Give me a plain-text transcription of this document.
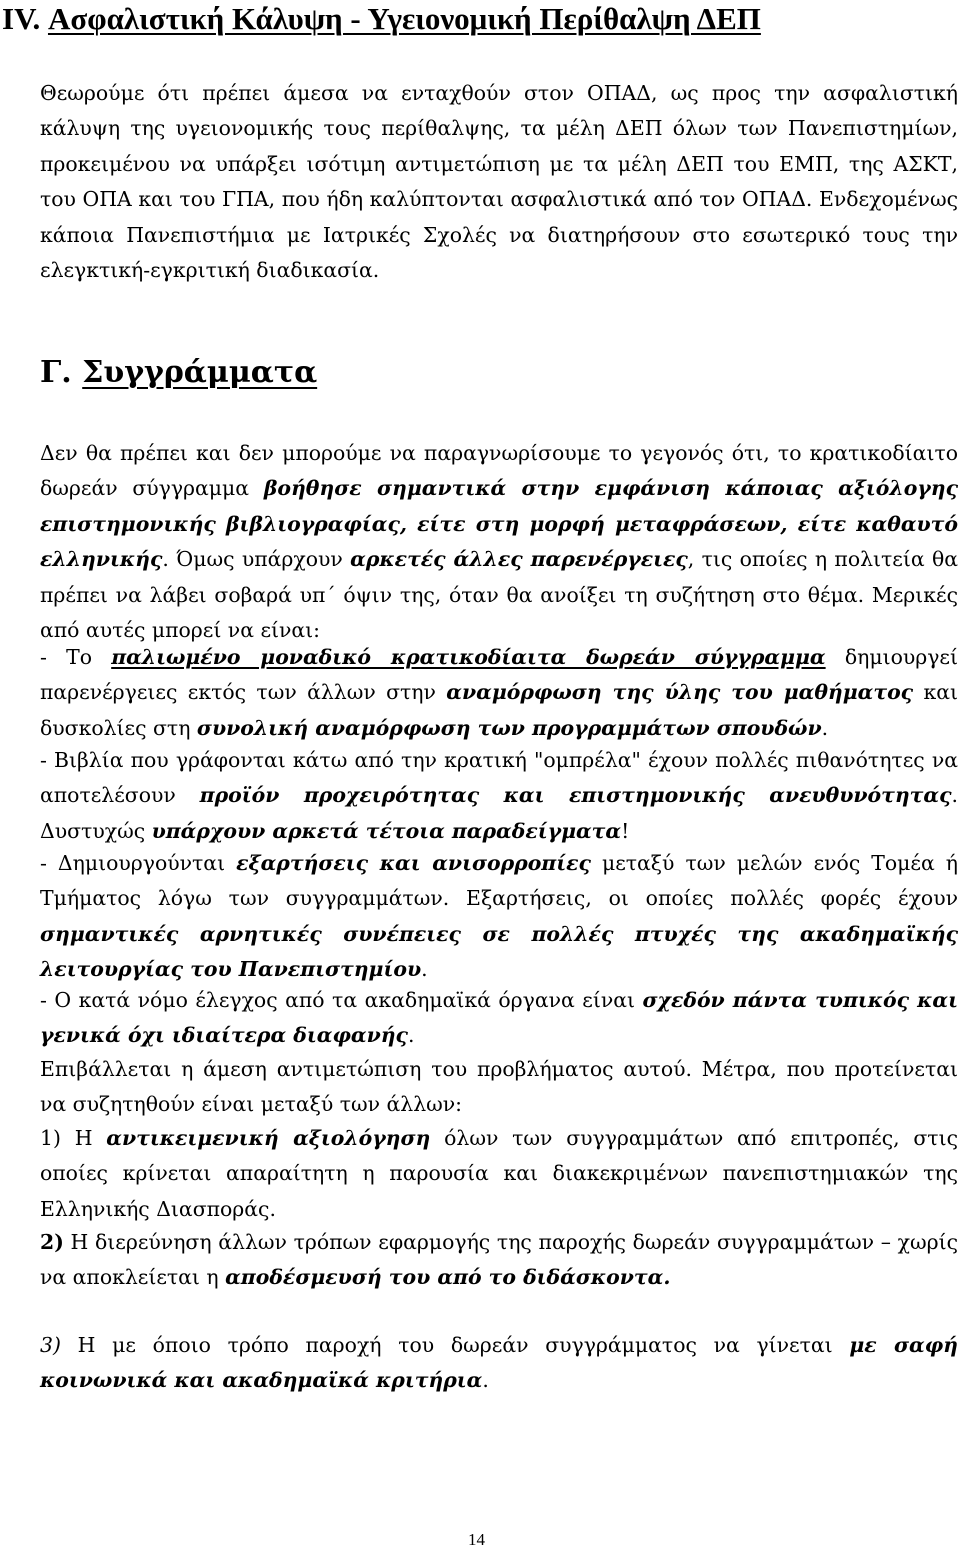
IV. Ασφαλιστική Κάλυψη - Υγειονομική Περίθαλψη ΔΕΠ

Θεωρούμε ότι πρέπει άμεσα να ενταχθούν στον ΟΠΑΔ, ως προς την ασφαλιστική κάλυψη της υγειονομικής τους περίθαλψης, τα μέλη ΔΕΠ όλων των Πανεπιστημίων, προκειμένου να υπάρξει ισότιμη αντιμετώπιση με τα μέλη ΔΕΠ του ΕΜΠ, της ΑΣΚΤ, του ΟΠΑ και του ΓΠΑ, που ήδη καλύπτονται ασφαλιστικά από τον ΟΠΑΔ. Ενδεχομένως κάποια Πανεπιστήμια με Ιατρικές Σχολές να διατηρήσουν στο εσωτερικό τους την ελεγκτική-εγκριτική διαδικασία.

Γ. Συγγράμματα

Δεν θα πρέπει και δεν μπορούμε να παραγνωρίσουμε το γεγονός ότι, το κρατικοδίαιτο δωρεάν σύγγραμμα βοήθησε σημαντικά στην εμφάνιση κάποιας αξιόλογης επιστημονικής βιβλιογραφίας, είτε στη μορφή μεταφράσεων, είτε καθαυτό ελληνικής. Όμως υπάρχουν αρκετές άλλες παρενέργειες, τις οποίες η πολιτεία θα πρέπει να λάβει σοβαρά υπ΄ όψιν της, όταν θα ανοίξει τη συζήτηση στο θέμα. Μερικές από αυτές μπορεί να είναι:

- Το παλιωμένο μοναδικό κρατικοδίαιτα δωρεάν σύγγραμμα δημιουργεί παρενέργειες εκτός των άλλων στην αναμόρφωση της ύλης του μαθήματος και δυσκολίες στη συνολική αναμόρφωση των προγραμμάτων σπουδών.

- Βιβλία που γράφονται κάτω από την κρατική "ομπρέλα" έχουν πολλές πιθανότητες να αποτελέσουν προϊόν προχειρότητας και επιστημονικής ανευθυνότητας. Δυστυχώς υπάρχουν αρκετά τέτοια παραδείγματα!

- Δημιουργούνται εξαρτήσεις και ανισορροπίες μεταξύ των μελών ενός Τομέα ή Τμήματος λόγω των συγγραμμάτων. Εξαρτήσεις, οι οποίες πολλές φορές έχουν σημαντικές αρνητικές συνέπειες σε πολλές πτυχές της ακαδημαϊκής λειτουργίας του Πανεπιστημίου.

- Ο κατά νόμο έλεγχος από τα ακαδημαϊκά όργανα είναι σχεδόν πάντα τυπικός και γενικά όχι ιδιαίτερα διαφανής.

Επιβάλλεται η άμεση αντιμετώπιση του προβλήματος αυτού. Μέτρα, που προτείνεται να συζητηθούν είναι μεταξύ των άλλων:

1) Η αντικειμενική αξιολόγηση όλων των συγγραμμάτων από επιτροπές, στις οποίες κρίνεται απαραίτητη η παρουσία και διακεκριμένων πανεπιστημιακών της Ελληνικής Διασποράς.

2) Η διερεύνηση άλλων τρόπων εφαρμογής της παροχής δωρεάν συγγραμμάτων – χωρίς να αποκλείεται η αποδέσμευσή του από το διδάσκοντα.

3) Η με όποιο τρόπο παροχή του δωρεάν συγγράμματος να γίνεται με σαφή κοινωνικά και ακαδημαϊκά κριτήρια.

14
